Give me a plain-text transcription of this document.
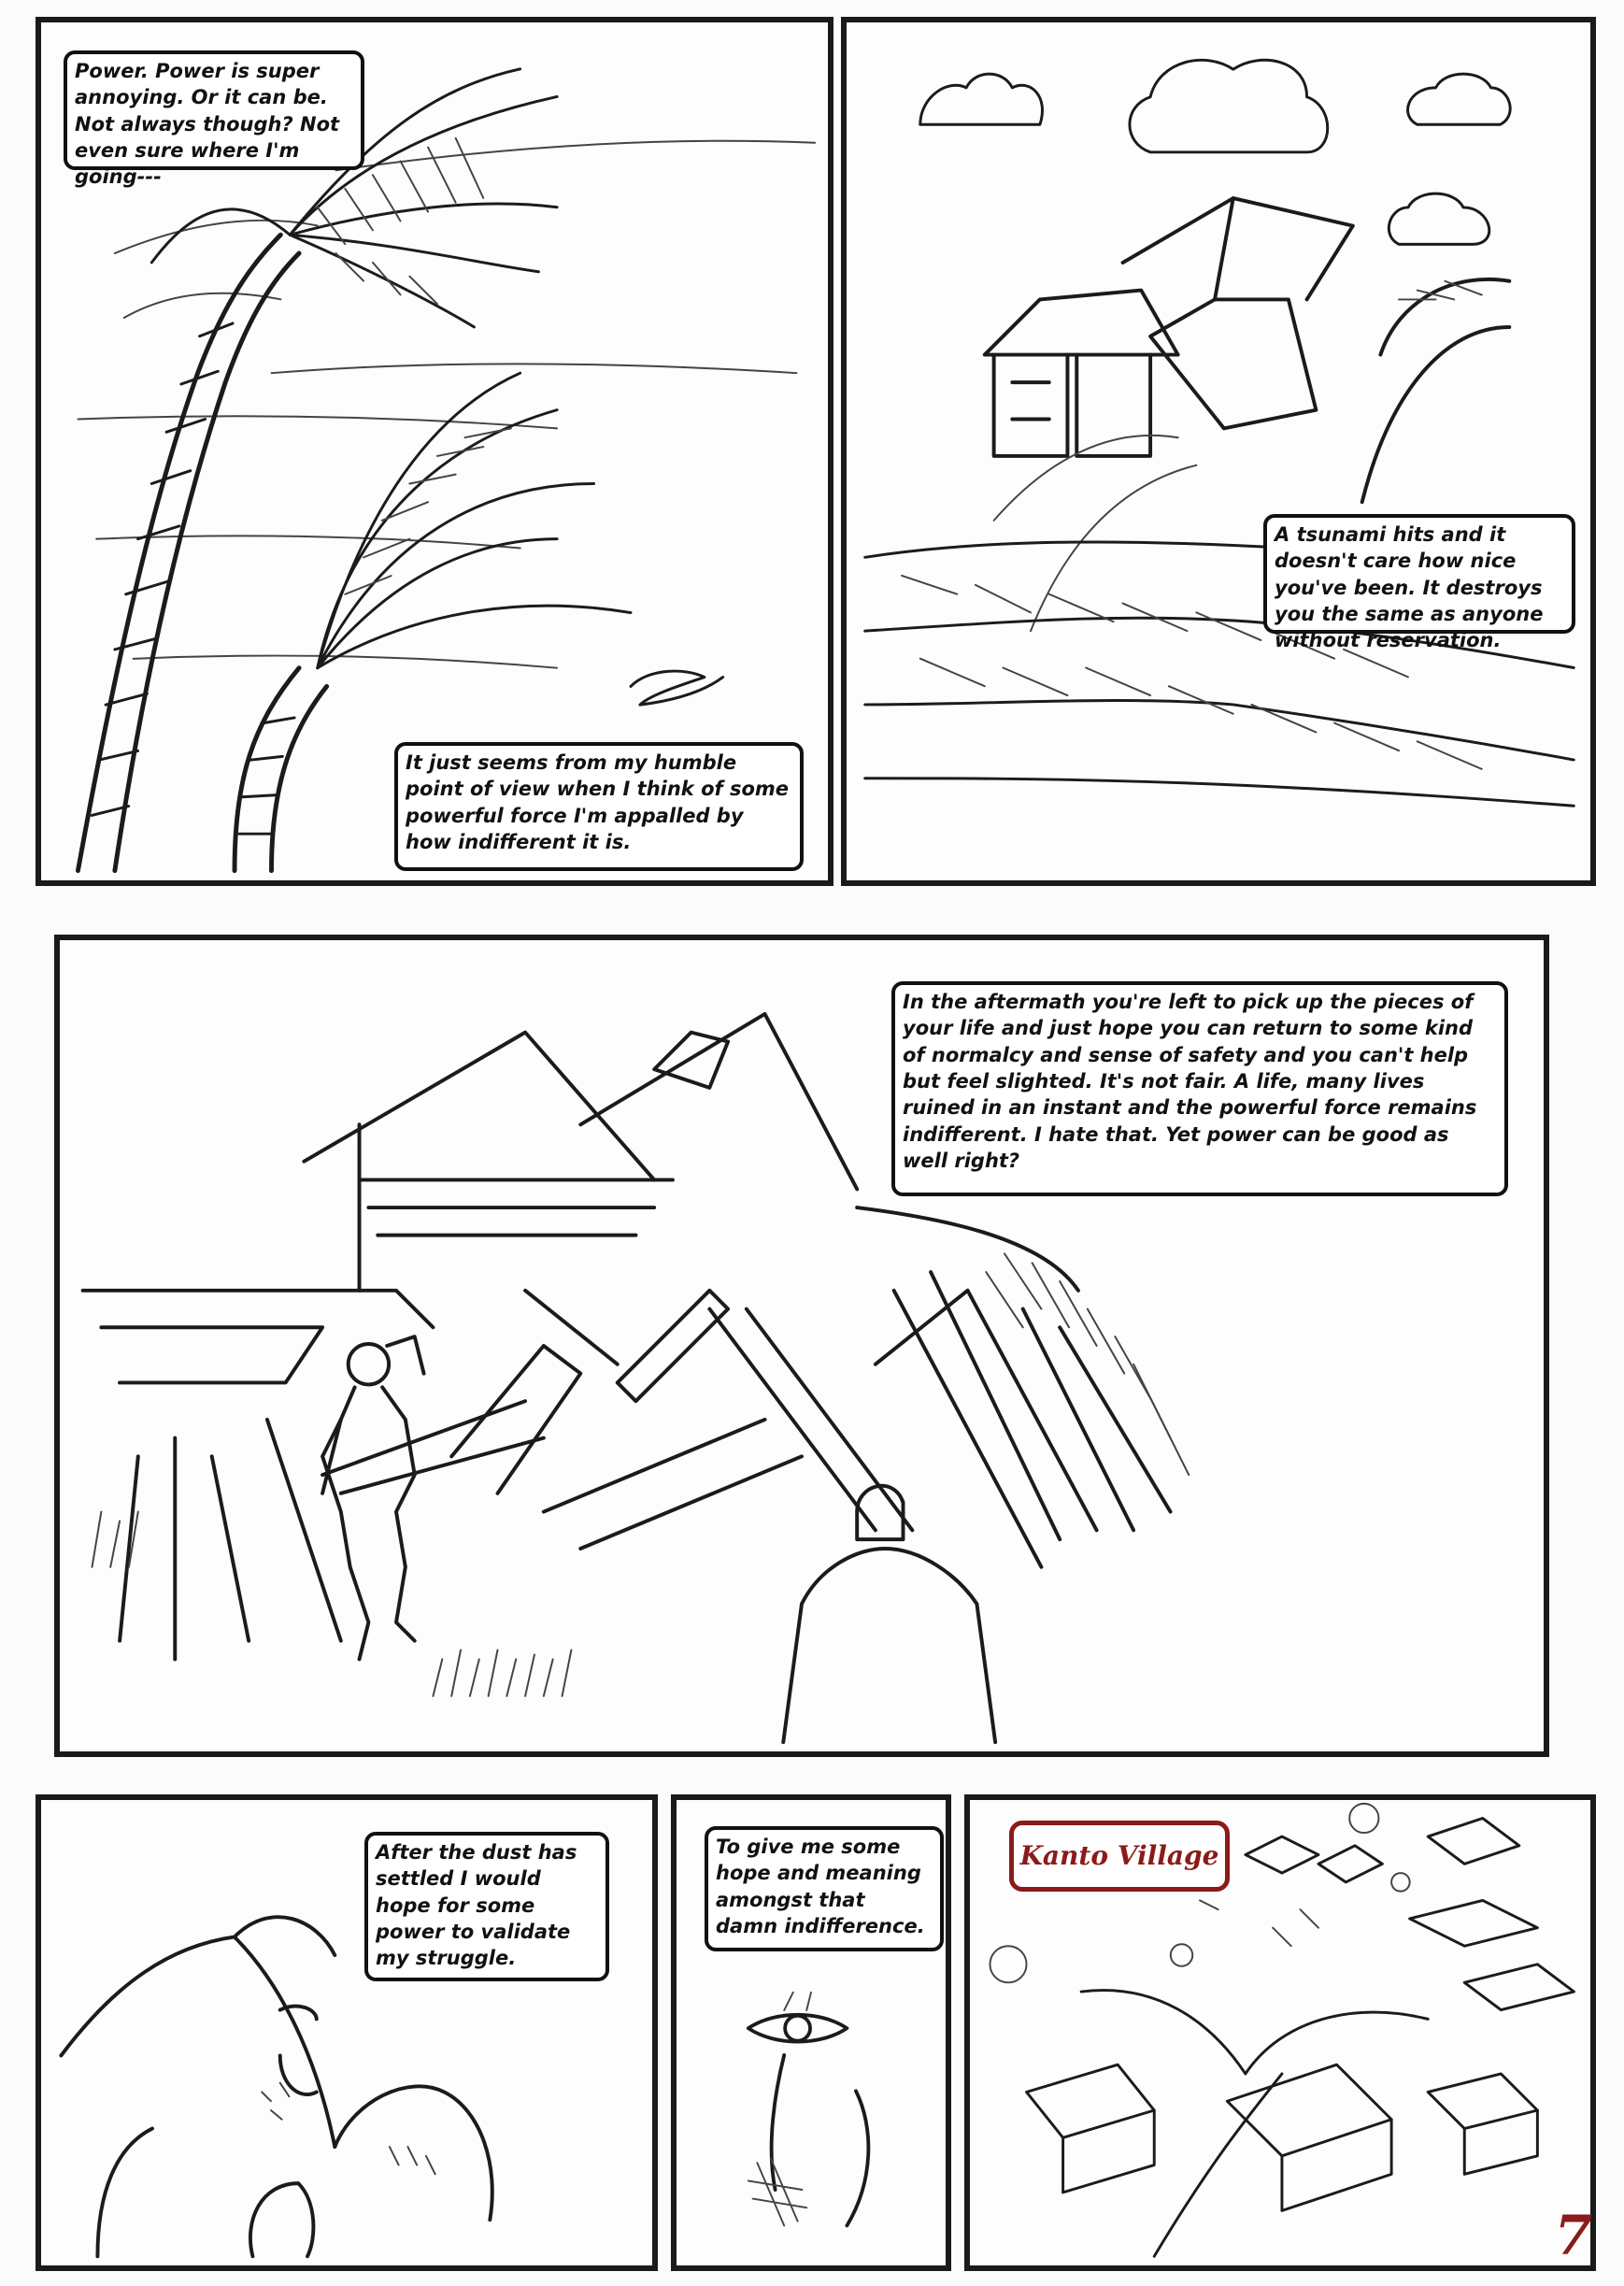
Power. Power is super annoying. Or it can be. Not always though? Not even sure where I'm going---
It just seems from my humble point of view when I think of some powerful force I'm appalled by how indifferent it is.
A tsunami hits and it doesn't care how nice you've been. It destroys you the same as anyone without reservation.
In the aftermath you're left to pick up the pieces of your life and just hope you can return to some kind of normalcy and sense of safety and you can't help but feel slighted. It's not fair. A life, many lives ruined in an instant and the powerful force remains indifferent. I hate that. Yet power can be good as well right?
After the dust has settled I would hope for some power to validate my struggle.
To give me some hope and meaning amongst that damn indifference.
Kanto Village
7
